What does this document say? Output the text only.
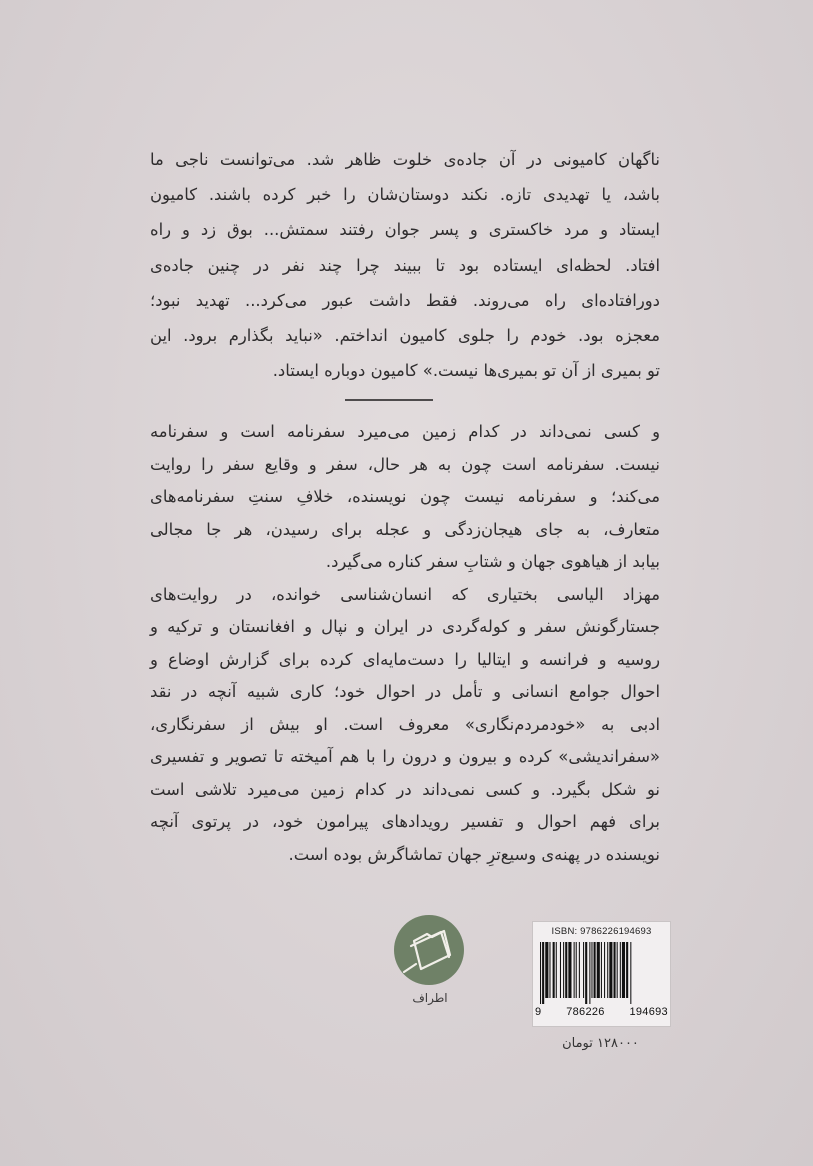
ناگهان کامیونی در آن جاده‌ی خلوت ظاهر شد. می‌توانست ناجی ما
باشد، یا تهدیدی تازه. نکند دوستان‌شان را خبر کرده باشند. کامیون
ایستاد و مرد خاکستری و پسر جوان رفتند سمتش... بوق زد و راه
افتاد. لحظه‌ای ایستاده بود تا ببیند چرا چند نفر در چنین جاده‌ی
دورافتاده‌ای راه می‌روند. فقط داشت عبور می‌کرد... تهدید نبود؛
معجزه بود. خودم را جلوی کامیون انداختم. «نباید بگذارم برود. این
تو بمیری از آن تو بمیری‌ها نیست.» کامیون دوباره ایستاد.
و کسی نمی‌داند در کدام زمین می‌میرد سفرنامه است و سفرنامه
نیست. سفرنامه است چون به هر حال، سفر و وقایع سفر را روایت
می‌کند؛ و سفرنامه نیست چون نویسنده، خلافِ سنتِ سفرنامه‌های
متعارف، به جای هیجان‌زدگی و عجله برای رسیدن، هر جا مجالی
بیابد از هیاهوی جهان و شتابِ سفر کناره می‌گیرد.
مهزاد الیاسی بختیاری که انسان‌شناسی خوانده، در روایت‌های
جستارگونش سفر و کوله‌گردی در ایران و نپال و افغانستان و ترکیه و
روسیه و فرانسه و ایتالیا را دست‌مایه‌ای کرده برای گزارش اوضاع و
احوال جوامع انسانی و تأمل در احوال خود؛ کاری شبیه آنچه در نقد
ادبی به «خودمردم‌نگاری» معروف است. او بیش از سفرنگاری،
«سفراندیشی» کرده و بیرون و درون را با هم آمیخته تا تصویر و تفسیری
نو شکل بگیرد. و کسی نمی‌داند در کدام زمین می‌میرد تلاشی است
برای فهم احوال و تفسیر رویدادهای پیرامون خود، در پرتوی آنچه
نویسنده در پهنه‌ی وسیع‌ترِ جهان تماشاگرش بوده است.
اطراف
ISBN: 9786226194693
9 786226 194693
۱۲۸۰۰۰ تومان
